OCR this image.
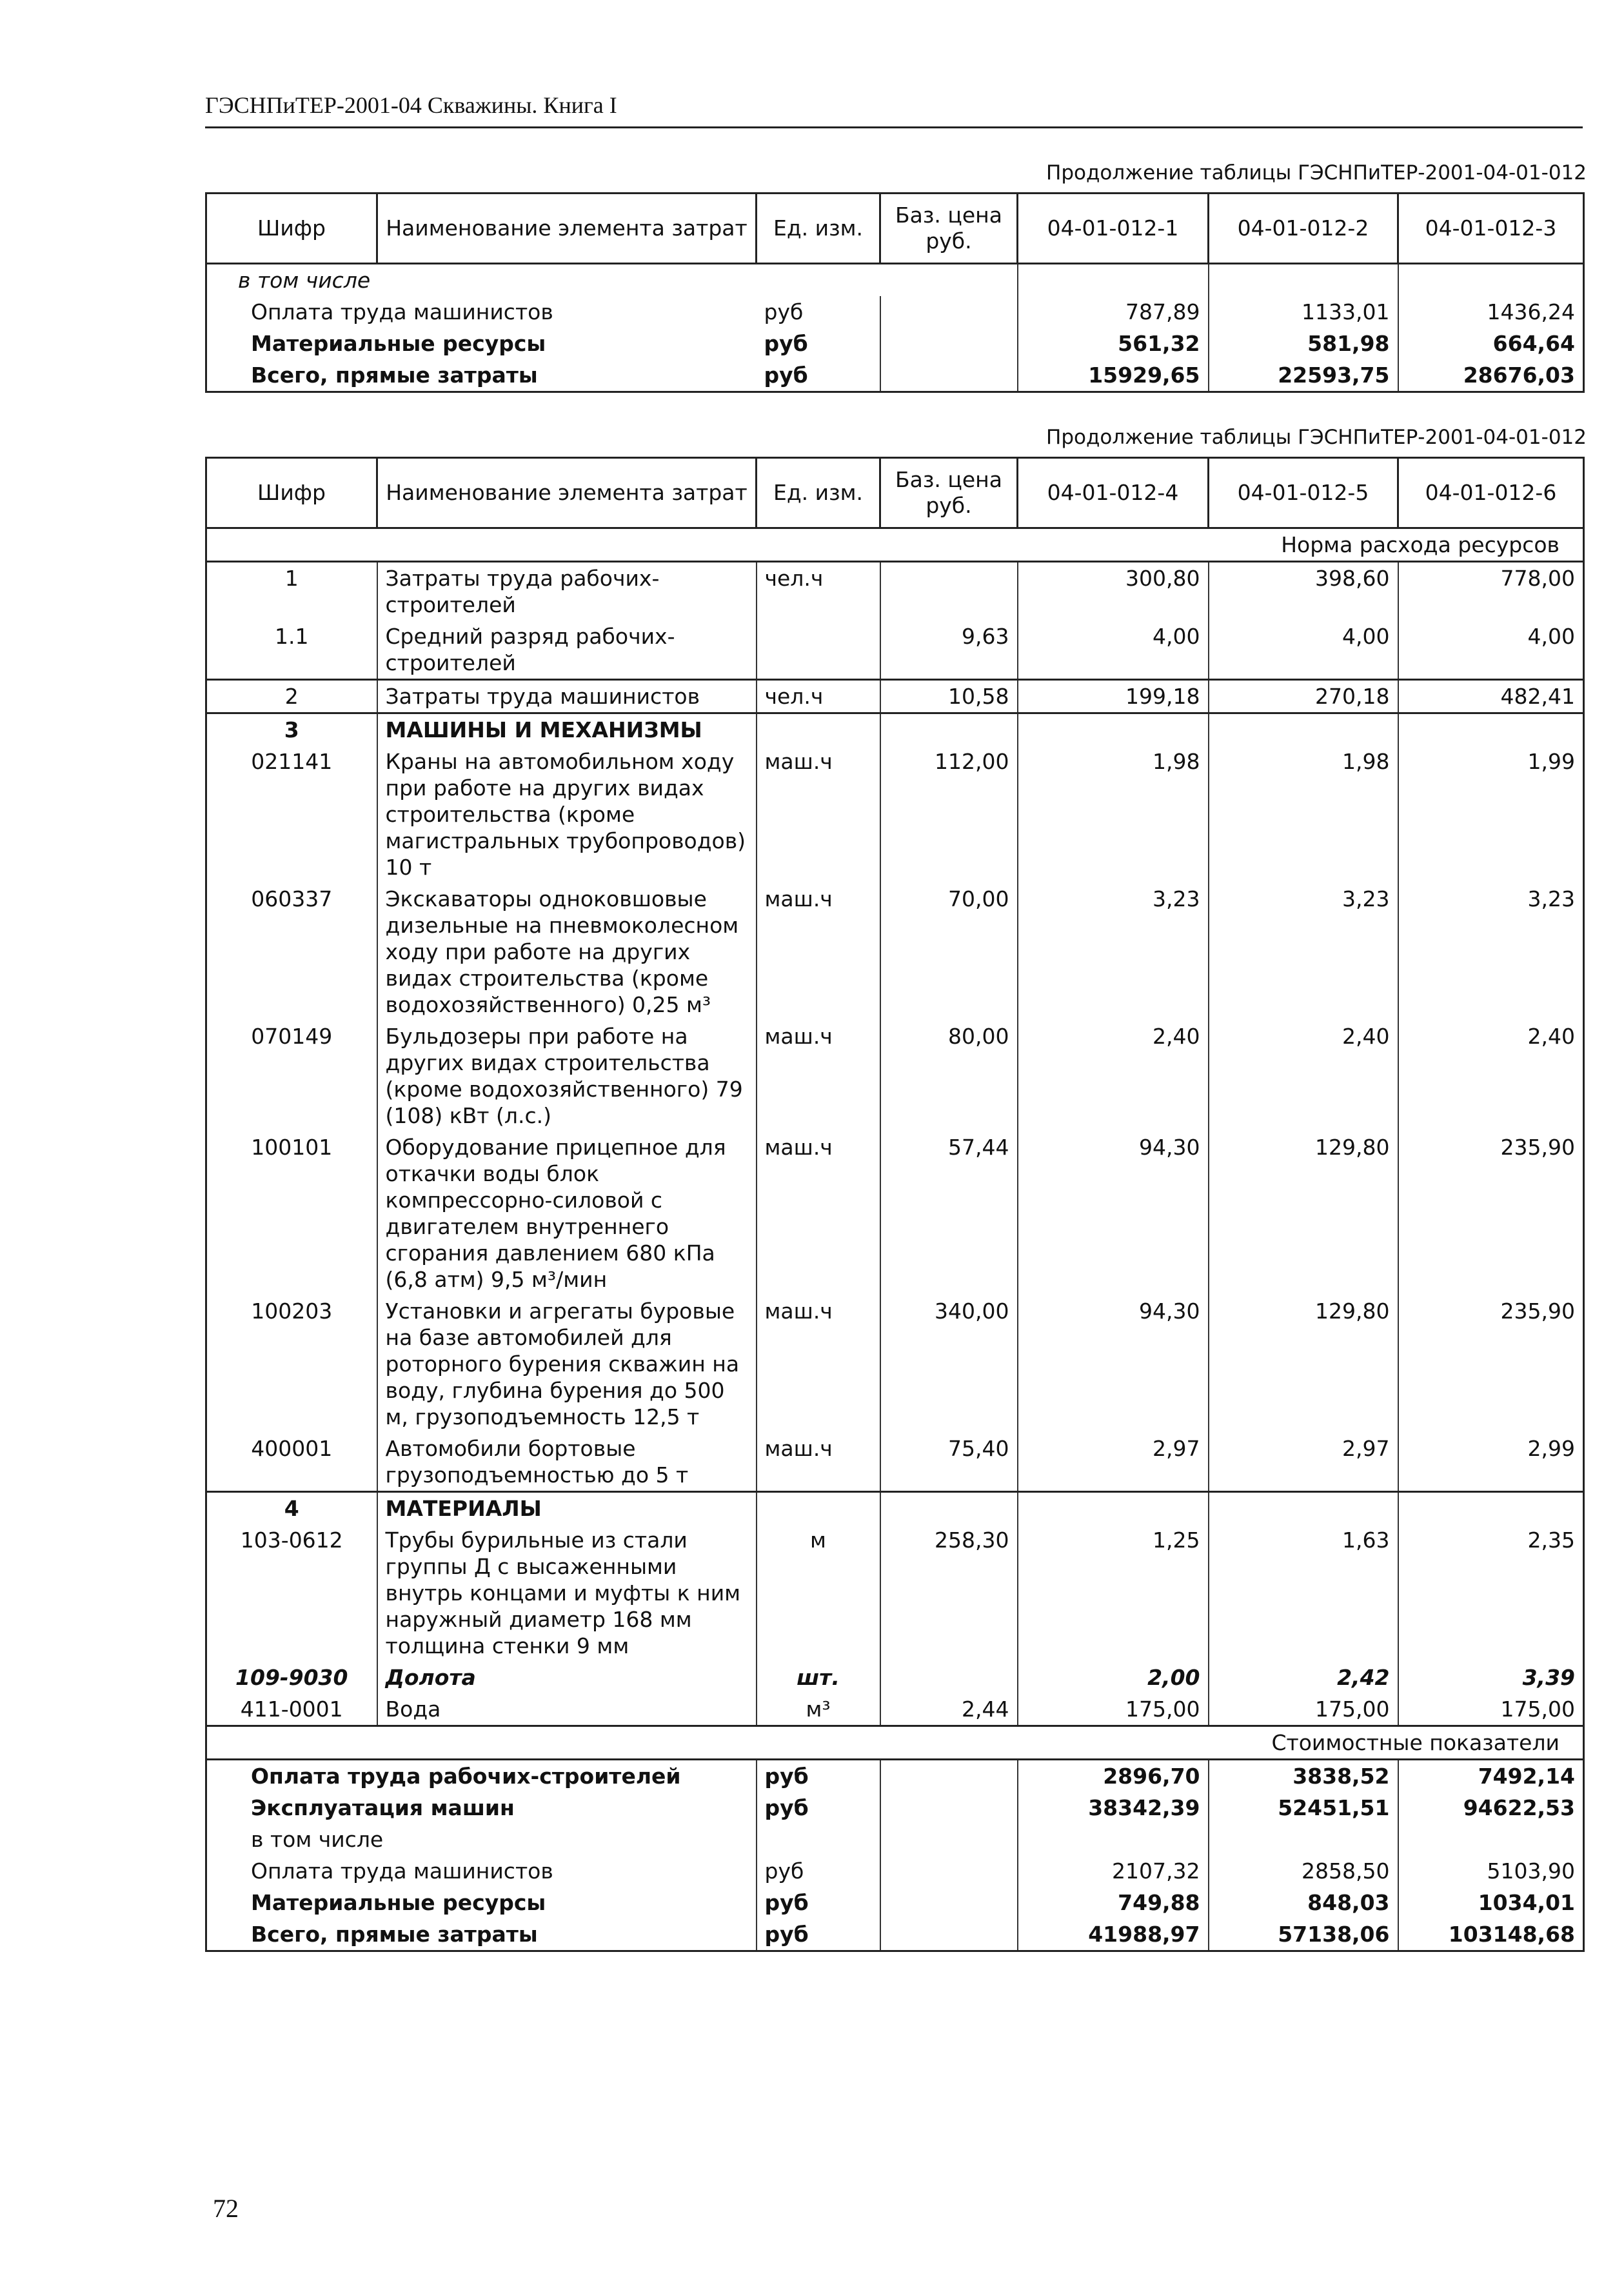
ГЭСНПиТЕР-2001-04 Скважины. Книга I
Продолжение таблицы ГЭСНПиТЕР-2001-04-01-012
Шифр	Наименование элемента затрат	Ед. изм.	Баз. цена руб.	04-01-012-1	04-01-012-2	04-01-012-3
в том числе						
Оплата труда машинистов		руб		787,89	1133,01	1436,24
Материальные ресурсы		руб		561,32	581,98	664,64
Всего, прямые затраты		руб		15929,65	22593,75	28676,03
Продолжение таблицы ГЭСНПиТЕР-2001-04-01-012
Шифр	Наименование элемента затрат	Ед. изм.	Баз. цена руб.	04-01-012-4	04-01-012-5	04-01-012-6
Норма расхода ресурсов						
1	Затраты труда рабочих-строителей	чел.ч		300,80	398,60	778,00
1.1	Средний разряд рабочих-строителей		9,63	4,00	4,00	4,00
2	Затраты труда машинистов	чел.ч	10,58	199,18	270,18	482,41
3	МАШИНЫ И МЕХАНИЗМЫ					
021141	Краны на автомобильном ходу при работе на других видах строительства (кроме магистральных трубопроводов) 10 т	маш.ч	112,00	1,98	1,98	1,99
060337	Экскаваторы одноковшовые дизельные на пневмоколесном ходу при работе на других видах строительства (кроме водохозяйственного) 0,25 м³	маш.ч	70,00	3,23	3,23	3,23
070149	Бульдозеры при работе на других видах строительства (кроме водохозяйственного) 79 (108) кВт (л.с.)	маш.ч	80,00	2,40	2,40	2,40
100101	Оборудование прицепное для откачки воды блок компрессорно-силовой с двигателем внутреннего сгорания давлением 680 кПа (6,8 атм) 9,5 м³/мин	маш.ч	57,44	94,30	129,80	235,90
100203	Установки и агрегаты буровые на базе автомобилей для роторного бурения скважин на воду, глубина бурения до 500 м, грузоподъемность 12,5 т	маш.ч	340,00	94,30	129,80	235,90
400001	Автомобили бортовые грузоподъемностью до 5 т	маш.ч	75,40	2,97	2,97	2,99
4	МАТЕРИАЛЫ					
103-0612	Трубы бурильные из стали группы Д с высаженными внутрь концами и муфты к ним наружный диаметр 168 мм толщина стенки 9 мм	м	258,30	1,25	1,63	2,35
109-9030	Долота	шт.		2,00	2,42	3,39
411-0001	Вода	м³	2,44	175,00	175,00	175,00
Стоимостные показатели						
Оплата труда рабочих-строителей		руб		2896,70	3838,52	7492,14
Эксплуатация машин		руб		38342,39	52451,51	94622,53
в том числе						
Оплата труда машинистов		руб		2107,32	2858,50	5103,90
Материальные ресурсы		руб		749,88	848,03	1034,01
Всего, прямые затраты		руб		41988,97	57138,06	103148,68
72
